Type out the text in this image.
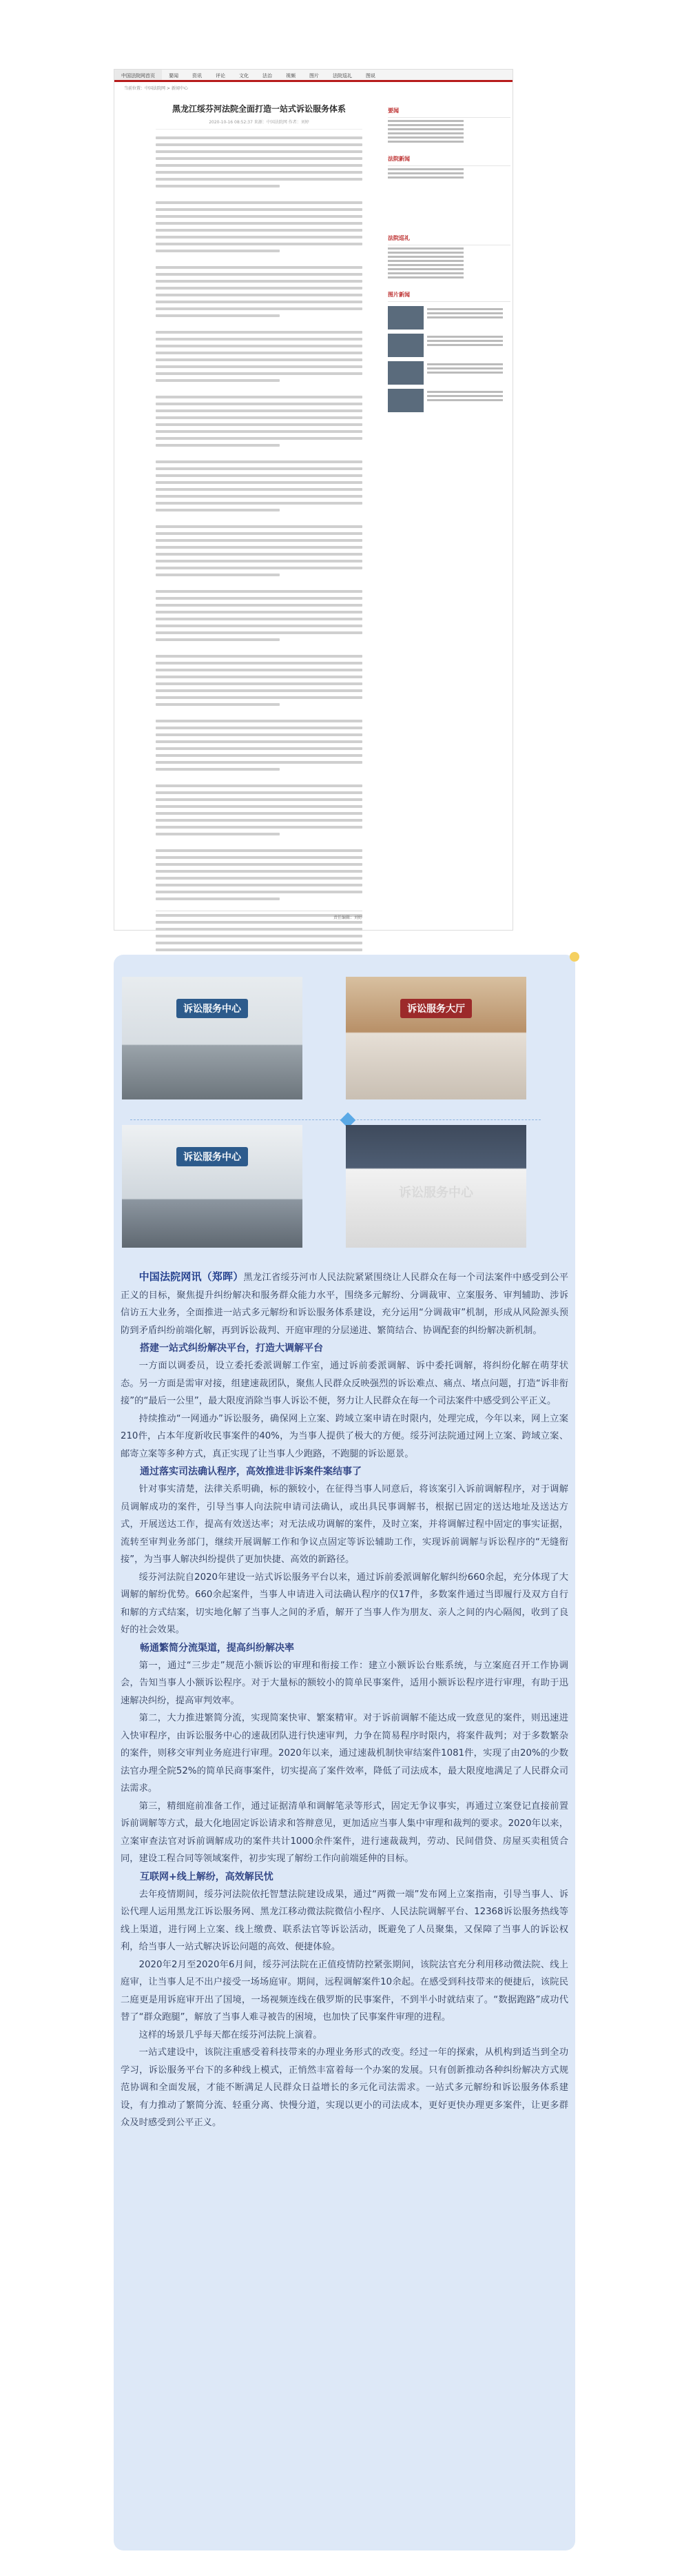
中国法院网首页	要闻	资讯	评论	文化	法治	视频	图片	法院巡礼	图说
当前位置：中国法院网 > 新闻中心
黑龙江绥芬河法院全面打造一站式诉讼服务体系
2020-10-16 08:52:37 来源：中国法院网 作者：刘婷
责任编辑：刘婷
要闻
法院新闻
法院巡礼
图片新闻
诉讼服务中心	诉讼服务大厅
诉讼服务中心
诉讼服务中心

中国法院网讯（郑晖）黑龙江省绥芬河市人民法院紧紧围绕让人民群众在每一个司法案件中感受到公平正义的目标，聚焦提升纠纷解决和服务群众能力水平，围绕多元解纷、分调裁审、立案服务、审判辅助、涉诉信访五大业务，全面推进一站式多元解纷和诉讼服务体系建设，充分运用“分调裁审”机制，形成从风险源头预防到矛盾纠纷前端化解，再到诉讼裁判、开庭审理的分层递进、繁简结合、协调配套的纠纷解决新机制。

搭建一站式纠纷解决平台，打造大调解平台

一方面以调委员，设立委托委派调解工作室，通过诉前委派调解、诉中委托调解，将纠纷化解在萌芽状态。另一方面是需审对接，组建速裁团队，聚焦人民群众反映强烈的诉讼难点、痛点、堵点问题，打造“诉非衔接”的“最后一公里”，最大限度消除当事人诉讼不便，努力让人民群众在每一个司法案件中感受到公平正义。

持续推动“一网通办”诉讼服务，确保网上立案、跨域立案申请在时限内，处理完成，今年以来，网上立案210件，占本年度新收民事案件的40%，为当事人提供了极大的方便。绥芬河法院通过网上立案、跨域立案、邮寄立案等多种方式，真正实现了让当事人少跑路，不跑腿的诉讼愿景。

通过落实司法确认程序，高效推进非诉案件案结事了

针对事实清楚，法律关系明确，标的额较小，在征得当事人同意后，将该案引入诉前调解程序，对于调解员调解成功的案件，引导当事人向法院申请司法确认，或出具民事调解书，根据已固定的送达地址及送达方式，开展送达工作，提高有效送达率；对无法成功调解的案件，及时立案，并将调解过程中固定的事实证据，流转至审判业务部门，继续开展调解工作和争议点固定等诉讼辅助工作，实现诉前调解与诉讼程序的“无缝衔接”，为当事人解决纠纷提供了更加快捷、高效的新路径。

绥芬河法院自2020年建设一站式诉讼服务平台以来，通过诉前委派调解化解纠纷660余起，充分体现了大调解的解纷优势。660余起案件，当事人申请进入司法确认程序的仅17件，多数案件通过当即履行及双方自行和解的方式结案，切实地化解了当事人之间的矛盾，解开了当事人作为朋友、亲人之间的内心隔阂，收到了良好的社会效果。

畅通繁简分流渠道，提高纠纷解决率

第一，通过“三步走”规范小额诉讼的审理和衔接工作：建立小额诉讼台账系统，与立案庭召开工作协调会，告知当事人小额诉讼程序。对于大量标的额较小的简单民事案件，适用小额诉讼程序进行审理，有助于迅速解决纠纷，提高审判效率。

第二，大力推进繁简分流，实现简案快审、繁案精审。对于诉前调解不能达成一致意见的案件，则迅速进入快审程序，由诉讼服务中心的速裁团队进行快速审判，力争在简易程序时限内，将案件裁判；对于多数繁杂的案件，则移交审判业务庭进行审理。2020年以来，通过速裁机制快审结案件1081件，实现了由20%的少数法官办理全院52%的简单民商事案件，切实提高了案件效率，降低了司法成本，最大限度地满足了人民群众司法需求。

第三，精细庭前准备工作，通过证据清单和调解笔录等形式，固定无争议事实，再通过立案登记直接前置诉前调解等方式，最大化地固定诉讼请求和答辩意见，更加适应当事人集中审理和裁判的要求。2020年以来，立案审查法官对诉前调解成功的案件共计1000余件案件，进行速裁裁判，劳动、民间借贷、房屋买卖租赁合同，建设工程合同等领域案件，初步实现了解纷工作向前端延伸的目标。

互联网+线上解纷，高效解民忧

去年疫情期间，绥芬河法院依托智慧法院建设成果，通过“两微一端”发布网上立案指南，引导当事人、诉讼代理人运用黑龙江诉讼服务网、黑龙江移动微法院微信小程序、人民法院调解平台、12368诉讼服务热线等线上渠道，进行网上立案、线上缴费、联系法官等诉讼活动，既避免了人员聚集，又保障了当事人的诉讼权利，给当事人一站式解决诉讼问题的高效、便捷体验。

2020年2月至2020年6月间，绥芬河法院在正值疫情防控紧张期间，该院法官充分利用移动微法院、线上庭审，让当事人足不出户接受一场场庭审。期间，远程调解案件10余起。在感受到科技带来的便捷后，该院民二庭更是用诉庭审开出了国境，一场视频连线在俄罗斯的民事案件，不到半小时就结束了。“数据跑路”成功代替了“群众跑腿”，解放了当事人难寻被告的困境，也加快了民事案件审理的进程。

这样的场景几乎每天都在绥芬河法院上演着。

一站式建设中，该院注重感受着科技带来的办理业务形式的改变。经过一年的探索，从机构到适当到全功学习，诉讼服务平台下的多种线上模式，正悄然丰富着每一个办案的发展。只有创新推动各种纠纷解决方式规范协调和全面发展，才能不断满足人民群众日益增长的多元化司法需求。一站式多元解纷和诉讼服务体系建设，有力推动了繁简分流、轻重分离、快慢分道，实现以更小的司法成本，更好更快办理更多案件，让更多群众及时感受到公平正义。
